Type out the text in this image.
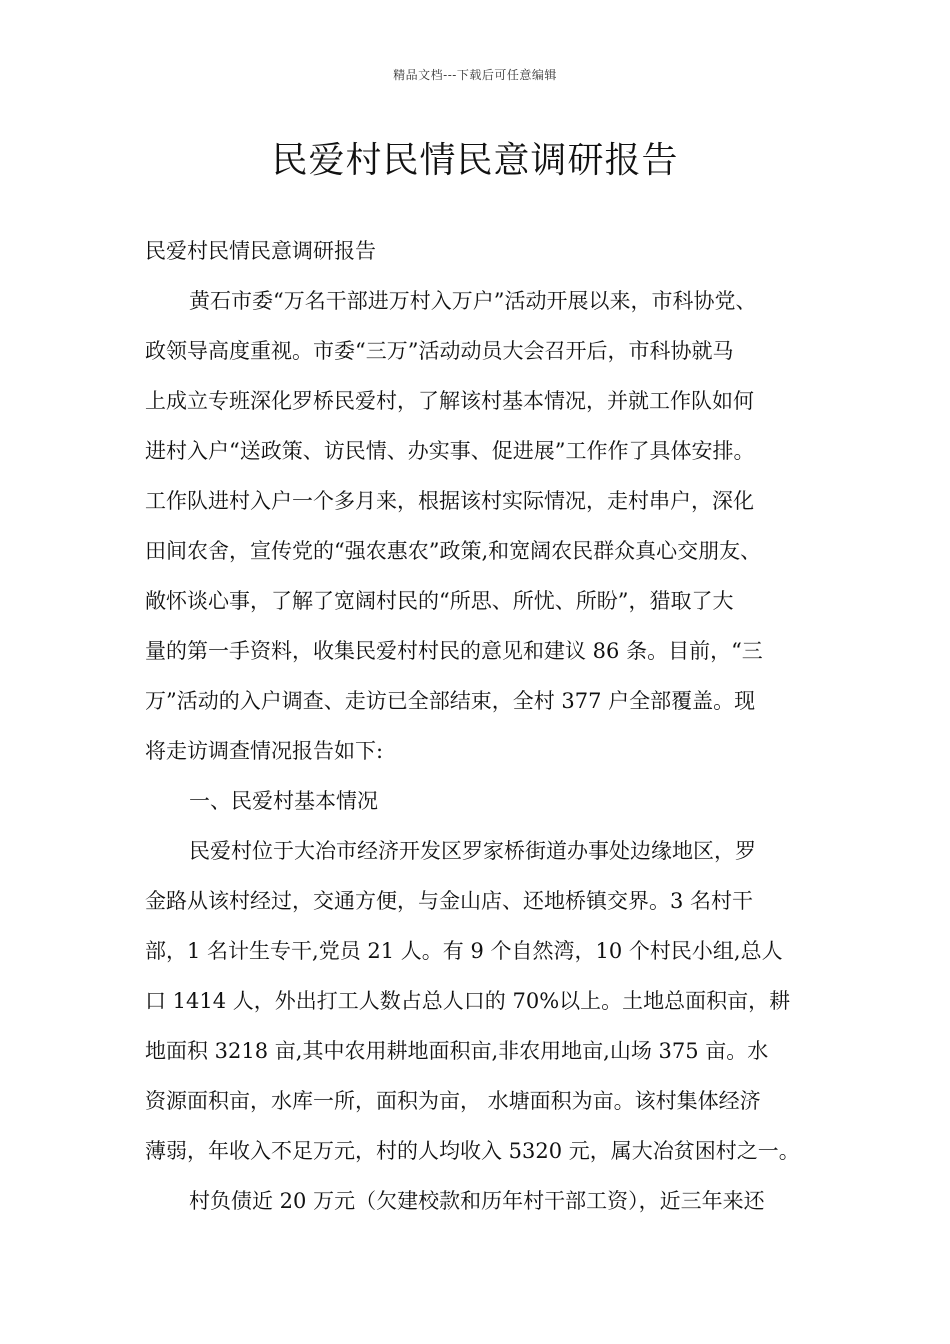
精品文档---下载后可任意编辑
民爱村民情民意调研报告
民爱村民情民意调研报告
黄石市委“万名干部进万村入万户”活动开展以来，市科协党、
政领导高度重视。市委“三万”活动动员大会召开后，市科协就马
上成立专班深化罗桥民爱村，了解该村基本情况，并就工作队如何
进村入户“送政策、访民情、办实事、促进展”工作作了具体安排。
工作队进村入户一个多月来，根据该村实际情况，走村串户，深化
田间农舍，宣传党的“强农惠农”政策,和宽阔农民群众真心交朋友、
敞怀谈心事，了解了宽阔村民的“所思、所忧、所盼”，猎取了大
量的第一手资料，收集民爱村村民的意见和建议 86 条。目前，“三
万”活动的入户调查、走访已全部结束，全村 377 户全部覆盖。现
将走访调查情况报告如下:
一、民爱村基本情况
民爱村位于大冶市经济开发区罗家桥街道办事处边缘地区，罗
金路从该村经过，交通方便，与金山店、还地桥镇交界。3 名村干
部，1 名计生专干,党员 21 人。有 9 个自然湾，10 个村民小组,总人
口 1414 人，外出打工人数占总人口的 70%以上。土地总面积亩，耕
地面积 3218 亩,其中农用耕地面积亩,非农用地亩,山场 375 亩。水
资源面积亩，水库一所，面积为亩， 水塘面积为亩。该村集体经济
薄弱，年收入不足万元，村的人均收入 5320 元，属大冶贫困村之一。
村负债近 20 万元（欠建校款和历年村干部工资），近三年来还
